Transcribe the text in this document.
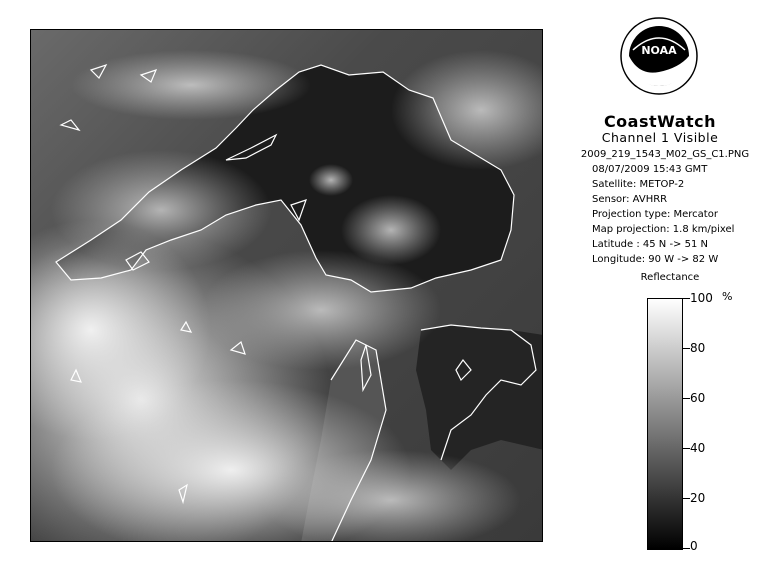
NOAA
CoastWatch
Channel 1 Visible
2009_219_1543_M02_GS_C1.PNG
08/07/2009 15:43 GMT
Satellite: METOP-2
Sensor: AVHRR
Projection type: Mercator
Map projection: 1.8 km/pixel
Latitude : 45 N -> 51 N
Longitude: 90 W -> 82 W
Reflectance
%
100
80
60
40
20
0
